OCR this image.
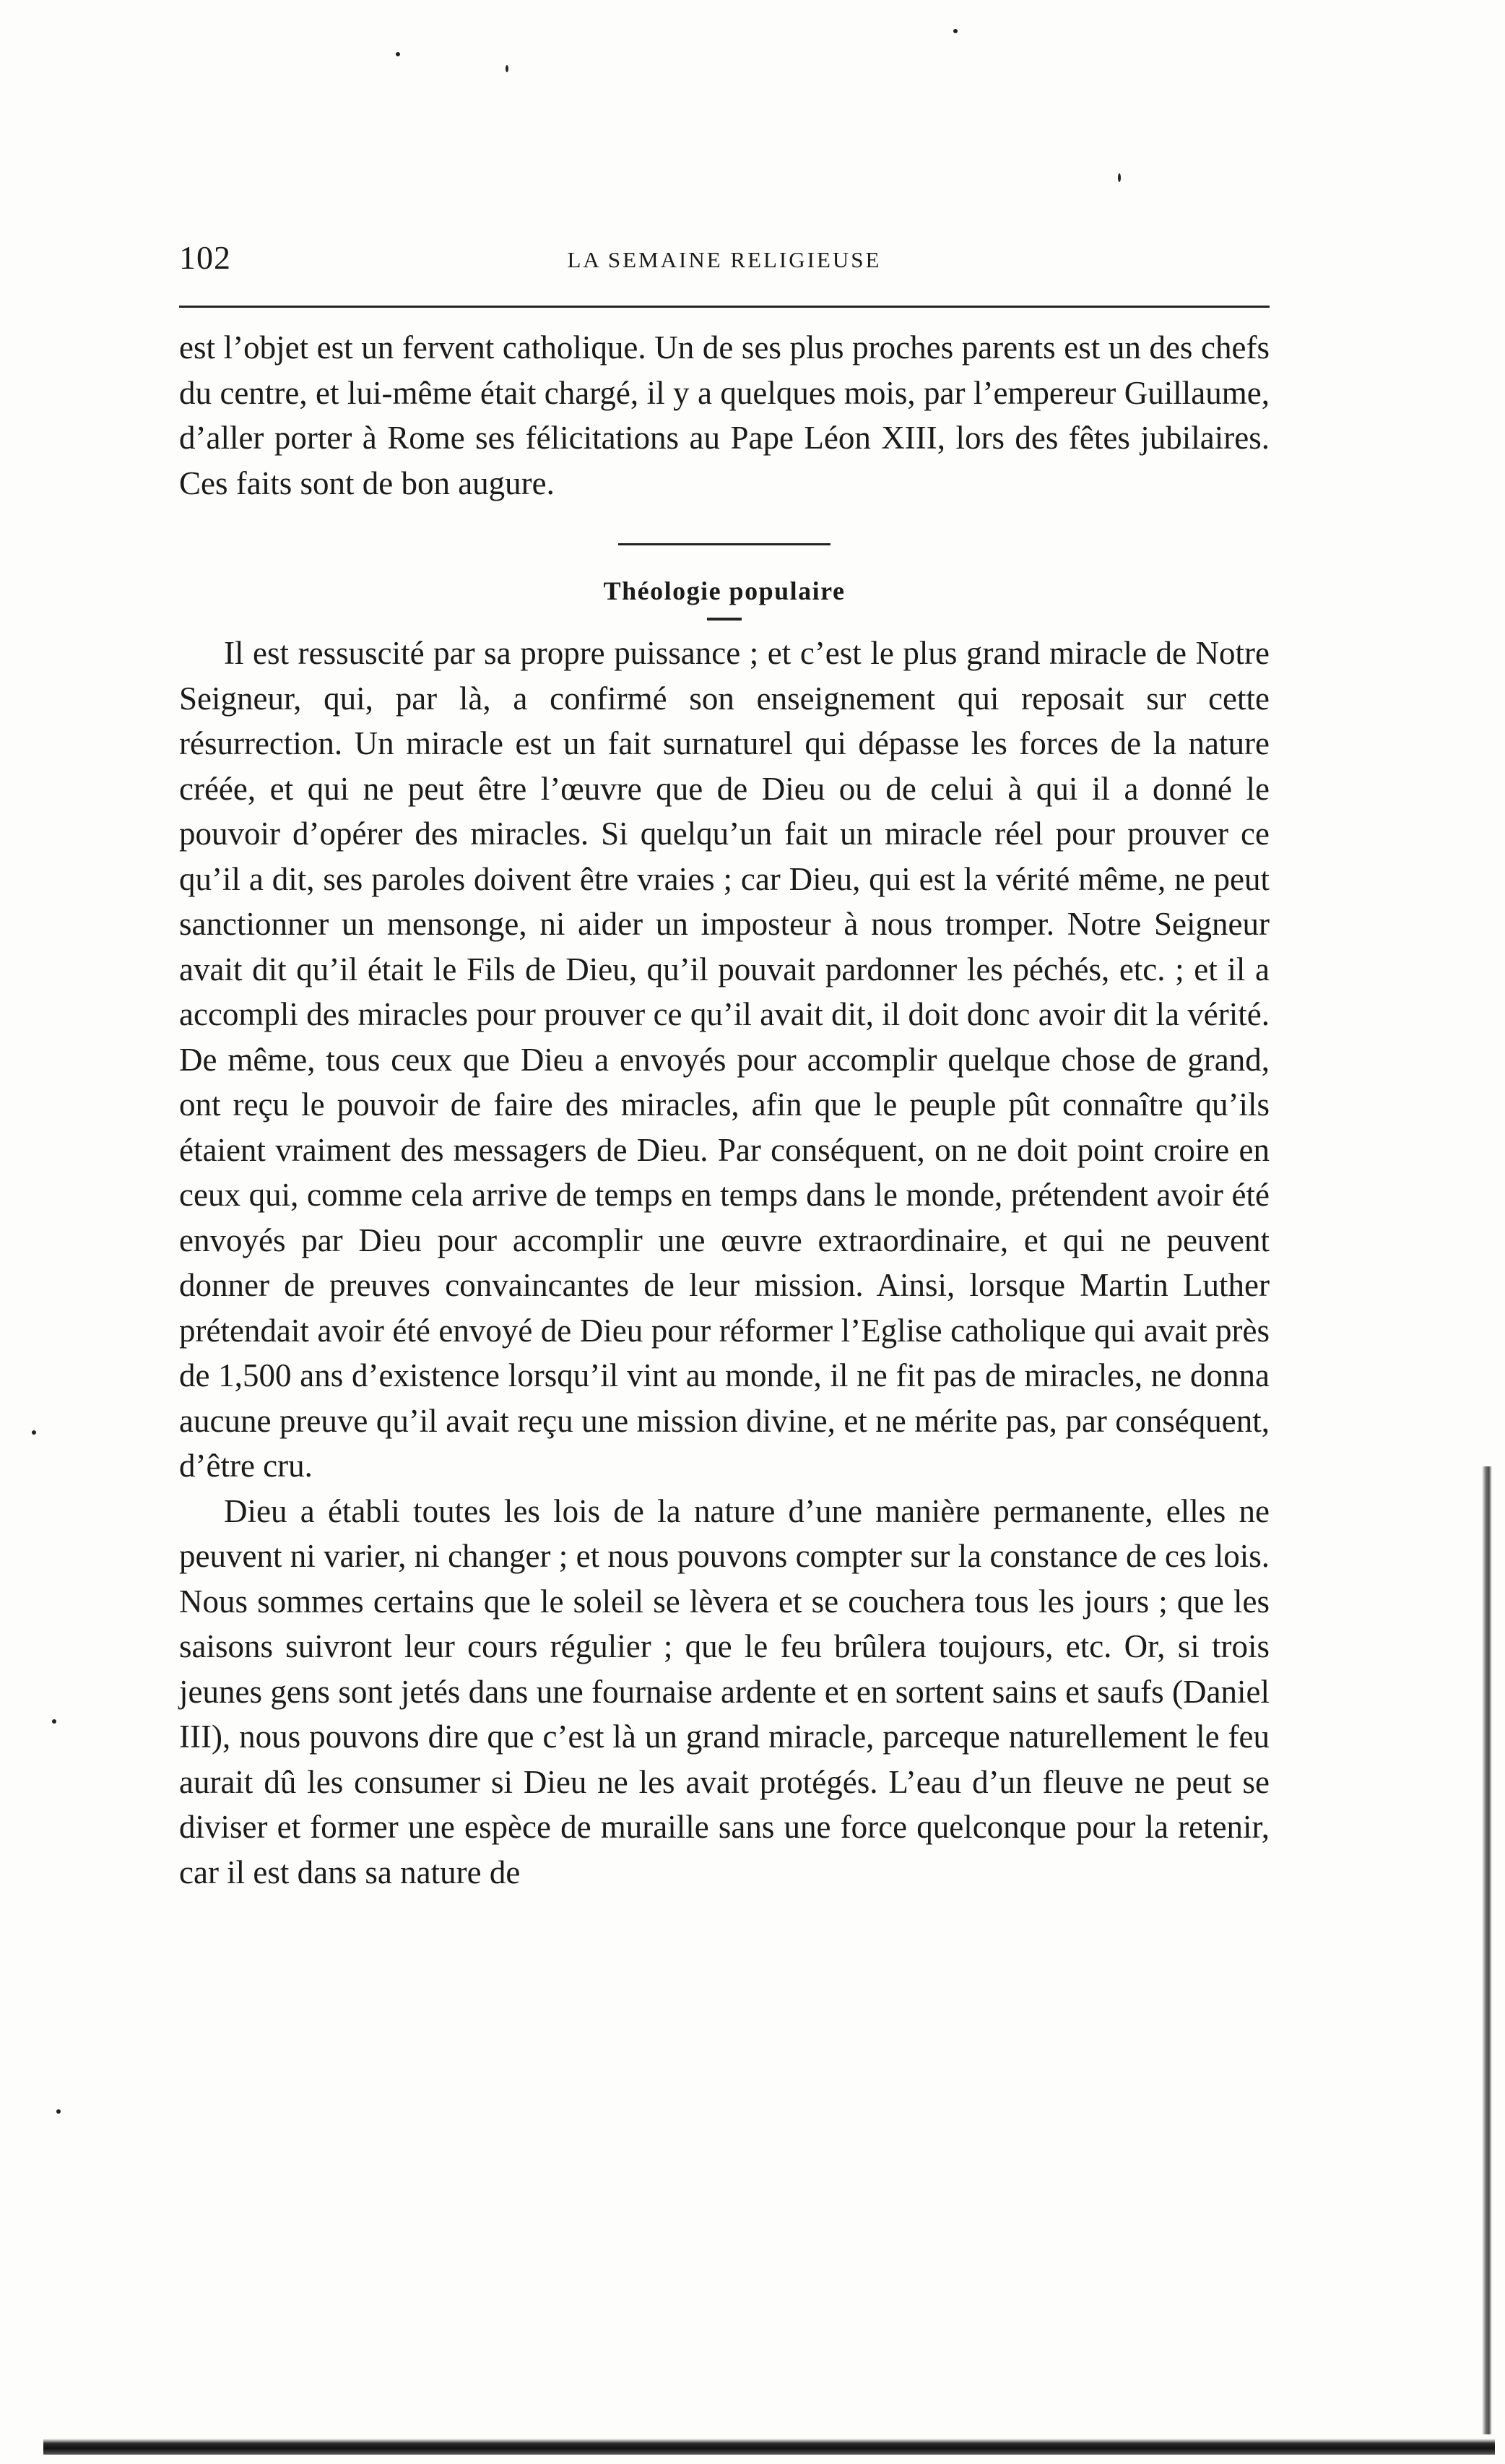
102	LA SEMAINE RELIGIEUSE

est l’objet est un fervent catholique. Un de ses plus proches parents est un des chefs du centre, et lui-même était chargé, il y a quelques mois, par l’empereur Guillaume, d’aller porter à Rome ses félicitations au Pape Léon XIII, lors des fêtes jubilaires. Ces faits sont de bon augure.

Théologie populaire

Il est ressuscité par sa propre puissance ; et c’est le plus grand miracle de Notre Seigneur, qui, par là, a confirmé son enseignement qui reposait sur cette résurrection. Un miracle est un fait surnaturel qui dépasse les forces de la nature créée, et qui ne peut être l’œuvre que de Dieu ou de celui à qui il a donné le pouvoir d’opérer des miracles. Si quelqu’un fait un miracle réel pour prouver ce qu’il a dit, ses paroles doivent être vraies ; car Dieu, qui est la vérité même, ne peut sanctionner un mensonge, ni aider un imposteur à nous tromper. Notre Seigneur avait dit qu’il était le Fils de Dieu, qu’il pouvait pardonner les péchés, etc. ; et il a accompli des miracles pour prouver ce qu’il avait dit, il doit donc avoir dit la vérité. De même, tous ceux que Dieu a envoyés pour accomplir quelque chose de grand, ont reçu le pouvoir de faire des miracles, afin que le peuple pût connaître qu’ils étaient vraiment des messagers de Dieu. Par conséquent, on ne doit point croire en ceux qui, comme cela arrive de temps en temps dans le monde, prétendent avoir été envoyés par Dieu pour accomplir une œuvre extraordinaire, et qui ne peuvent donner de preuves convaincantes de leur mission. Ainsi, lorsque Martin Luther prétendait avoir été envoyé de Dieu pour réformer l’Eglise catholique qui avait près de 1,500 ans d’existence lorsqu’il vint au monde, il ne fit pas de miracles, ne donna aucune preuve qu’il avait reçu une mission divine, et ne mérite pas, par conséquent, d’être cru.

Dieu a établi toutes les lois de la nature d’une manière permanente, elles ne peuvent ni varier, ni changer ; et nous pouvons compter sur la constance de ces lois. Nous sommes certains que le soleil se lèvera et se couchera tous les jours ; que les saisons suivront leur cours régulier ; que le feu brûlera toujours, etc. Or, si trois jeunes gens sont jetés dans une fournaise ardente et en sortent sains et saufs (Daniel III), nous pouvons dire que c’est là un grand miracle, parceque naturellement le feu aurait dû les consumer si Dieu ne les avait protégés. L’eau d’un fleuve ne peut se diviser et former une espèce de muraille sans une force quelconque pour la retenir, car il est dans sa nature de
